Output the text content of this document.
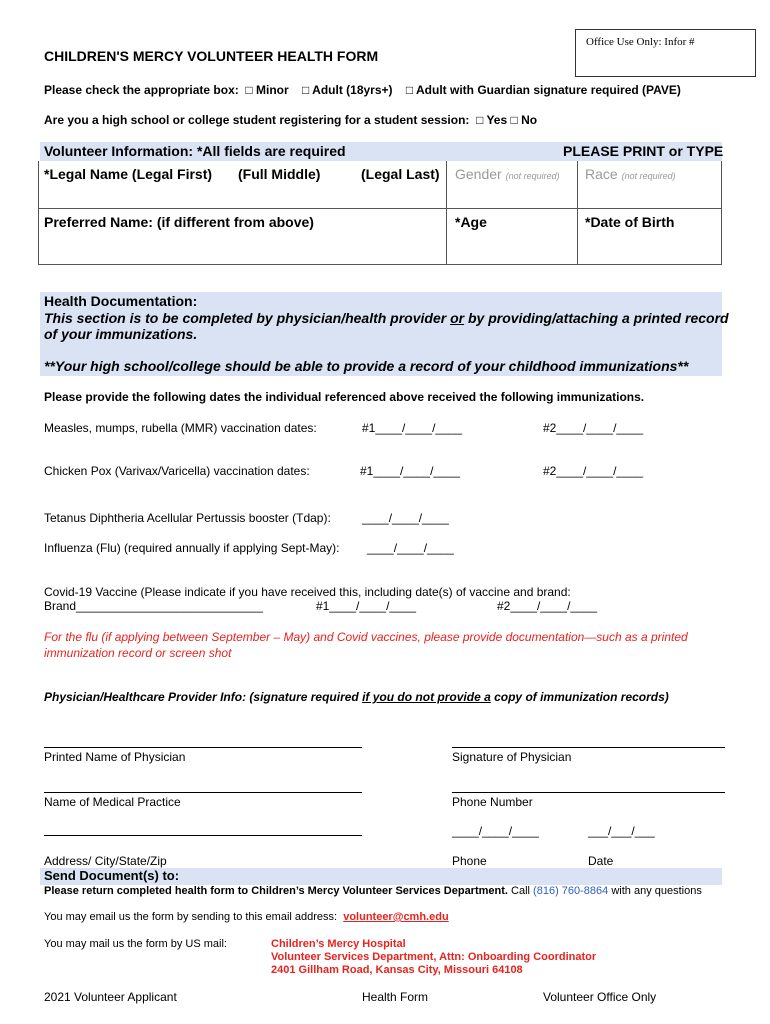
Office Use Only: Infor #
CHILDREN'S MERCY VOLUNTEER HEALTH FORM
Please check the appropriate box: □ Minor □ Adult (18yrs+) □ Adult with Guardian signature required (PAVE)
Are you a high school or college student registering for a student session: □ Yes □ No
Volunteer Information: *All fields are required	PLEASE PRINT or TYPE
*Legal Name (Legal First) (Full Middle)	(Legal Last) Gender (not required) Race (not required)
Preferred Name: (if different from above)	*Age	*Date of Birth
Health Documentation:
This section is to be completed by physician/health provider or by providing/attaching a printed record
of your immunizations.
**Your high school/college should be able to provide a record of your childhood immunizations**
Please provide the following dates the individual referenced above received the following immunizations.
Measles, mumps, rubella (MMR) vaccination dates:	#1____/____/____	#2____/____/____
Chicken Pox (Varivax/Varicella) vaccination dates:	#1____/____/____	#2____/____/____
Tetanus Diphtheria Acellular Pertussis booster (Tdap):	____/____/____
Influenza (Flu) (required annually if applying Sept-May): ____/____/____
Covid-19 Vaccine (Please indicate if you have received this, including date(s) of vaccine and brand:
Brand____________________________	#1____/____/____	#2____/____/____
For the flu (if applying between September – May) and Covid vaccines, please provide documentation—such as a printed
immunization record or screen shot
Physician/Healthcare Provider Info: (signature required if you do not provide a copy of immunization records)
Printed Name of Physician	Signature of Physician
Name of Medical Practice	Phone Number
____/____/____	___/___/___
Address/ City/State/Zip	Phone	Date
Send Document(s) to:
Please return completed health form to Children’s Mercy Volunteer Services Department. Call (816) 760-8864 with any questions
You may email us the form by sending to this email address: volunteer@cmh.edu
You may mail us the form by US mail:	Children’s Mercy Hospital
Volunteer Services Department, Attn: Onboarding Coordinator
2401 Gillham Road, Kansas City, Missouri 64108
2021 Volunteer Applicant	Health Form	Volunteer Office Only
